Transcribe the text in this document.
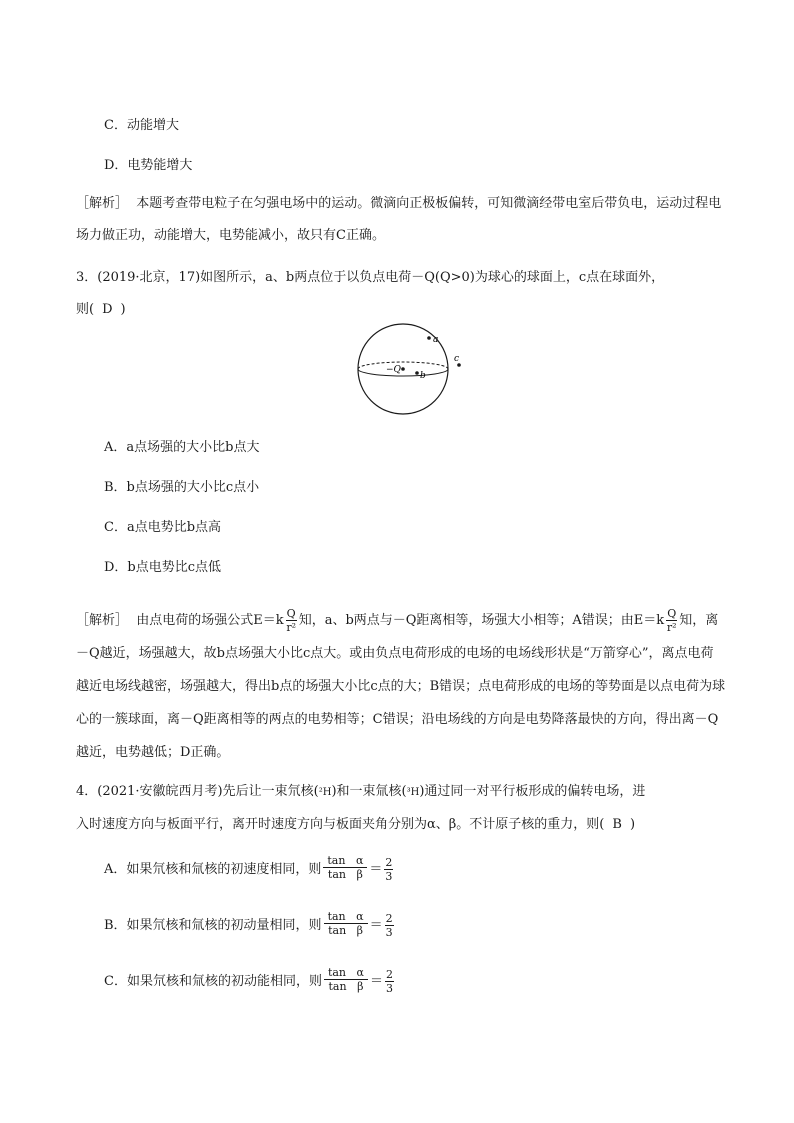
C．动能增大
D．电势能增大
［解析］ 本题考查带电粒子在匀强电场中的运动。微滴向正极板偏转，可知微滴经带电室后带负电，运动过程电场力做正功，动能增大，电势能减小，故只有C正确。
3．(2019·北京，17)如图所示，a、b两点位于以负点电荷－Q(Q>0)为球心的球面上，c点在球面外，
则( D )
−Q
a
b
c
A．a点场强的大小比b点大
B．b点场强的大小比c点小
C．a点电势比b点高
D．b点电势比c点低
［解析］ 由点电荷的场强公式$E=k \frac{Q}{\text{r²}}$ 知，a、b两点与－Q距离相等，场强大小相等；A错误；由$E=k \frac{Q}{\text{r²}}$ 知，离－Q越近，场强越大，故b点场强大小比c点大。或由负点电荷形成的电场的电场线形状是“万箭穿心”，离点电荷越近电场线越密，场强越大，得出b点的场强大小比c点的大；B错误；点电荷形成的电场的等势面是以点电荷为球心的一簇球面，离－Q距离相等的两点的电势相等；C错误；沿电场线的方向是电势降落最快的方向，得出离－Q越近，电势越低；D正确。
4．(2021·安徽皖西月考)先后让一束氘核(²H)和一束氚核(³H)通过同一对平行板形成的偏转电场，进
入时速度方向与板面平行，离开时速度方向与板面夹角分别为α、β。不计原子核的重力，则( B )
A．如果氘核和氚核的初速度相同，则 $\frac{\text{tan α}}{\text{tan β}} = \frac{2}{3}$
B．如果氘核和氚核的初动量相同，则 $\frac{\text{tan α}}{\text{tan β}} = \frac{2}{3}$
C．如果氘核和氚核的初动能相同，则 $\frac{\text{tan α}}{\text{tan β}} = \frac{2}{3}$
